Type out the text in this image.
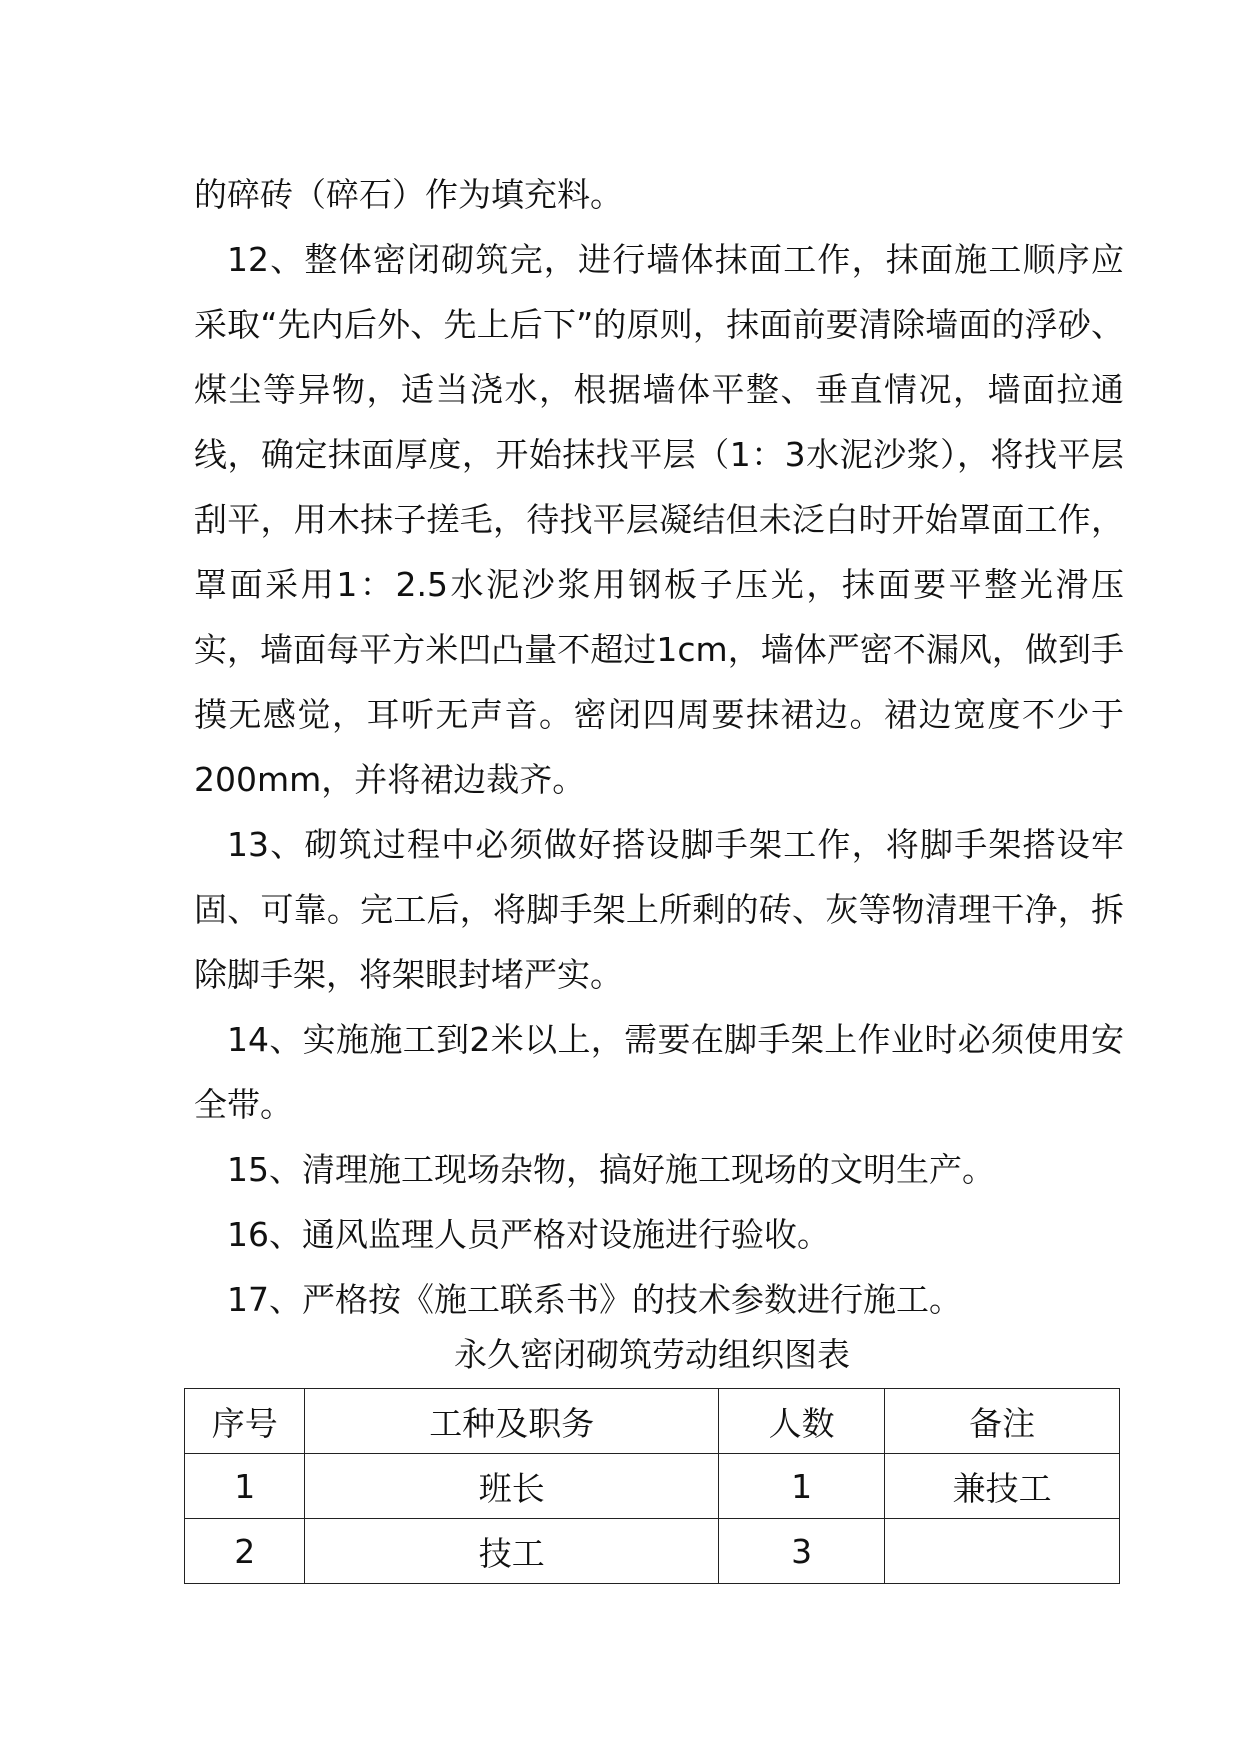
的碎砖（碎石）作为填充料。

12、整体密闭砌筑完，进行墙体抹面工作，抹面施工顺序应采取“先内后外、先上后下”的原则，抹面前要清除墙面的浮砂、煤尘等异物，适当浇水，根据墙体平整、垂直情况，墙面拉通线，确定抹面厚度，开始抹找平层（1：3水泥沙浆），将找平层刮平，用木抹子搓毛，待找平层凝结但未泛白时开始罩面工作，罩面采用1：2.5水泥沙浆用钢板子压光，抹面要平整光滑压实，墙面每平方米凹凸量不超过1cm，墙体严密不漏风，做到手摸无感觉，耳听无声音。密闭四周要抹裙边。裙边宽度不少于200mm，并将裙边裁齐。

13、砌筑过程中必须做好搭设脚手架工作，将脚手架搭设牢固、可靠。完工后，将脚手架上所剩的砖、灰等物清理干净，拆除脚手架，将架眼封堵严实。

14、实施施工到2米以上，需要在脚手架上作业时必须使用安全带。

15、清理施工现场杂物，搞好施工现场的文明生产。

16、通风监理人员严格对设施进行验收。

17、严格按《施工联系书》的技术参数进行施工。

永久密闭砌筑劳动组织图表
序号	工种及职务	人数	备注
1	班长	1	兼技工
2	技工	3	
